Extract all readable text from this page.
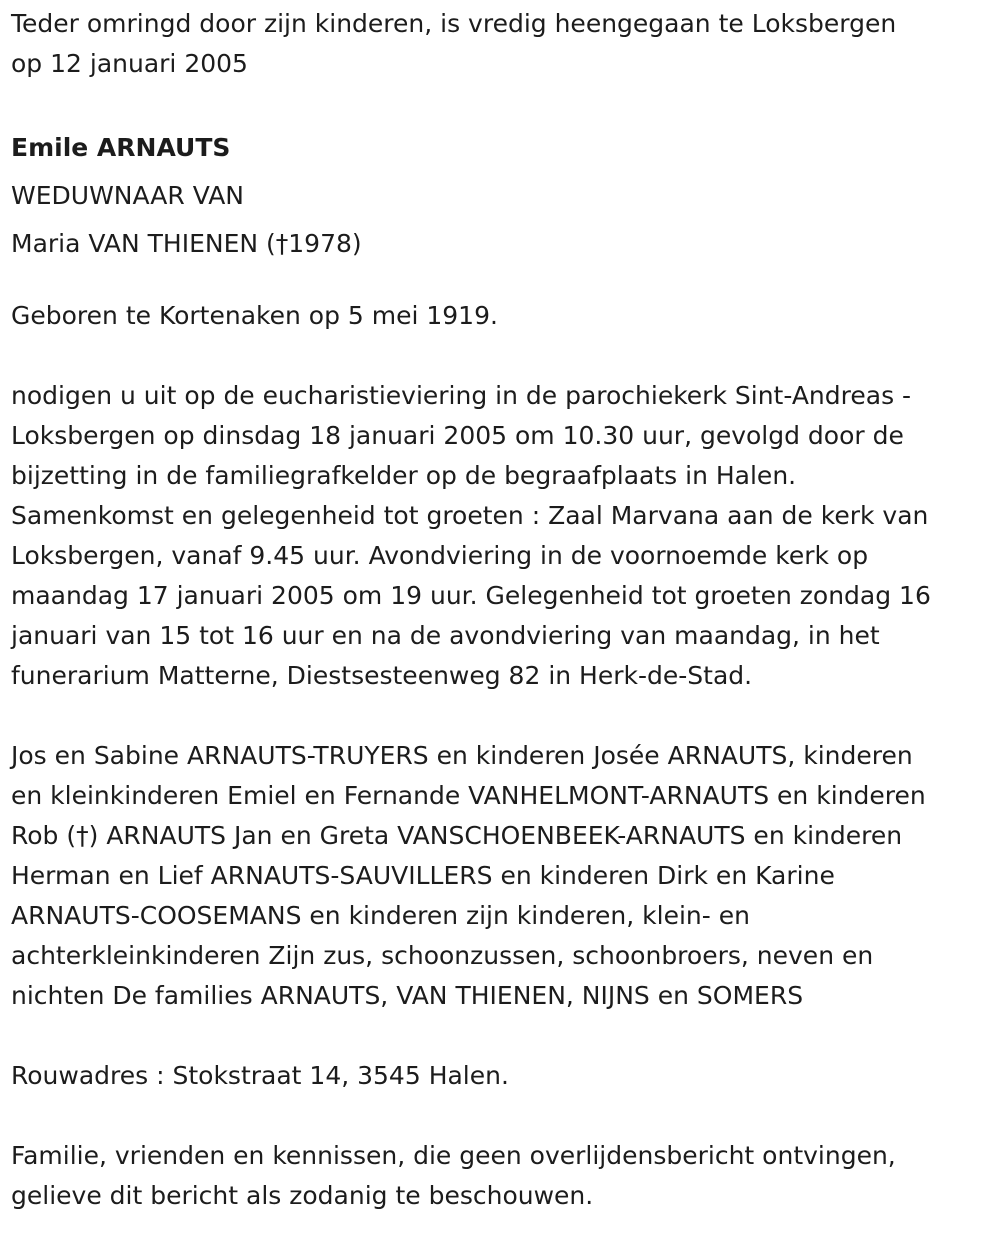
Teder omringd door zijn kinderen, is vredig heengegaan te Loksbergen

op 12 januari 2005

Emile ARNAUTS

WEDUWNAAR VAN

Maria VAN THIENEN (†1978)

Geboren te Kortenaken op 5 mei 1919.

nodigen u uit op de eucharistieviering in de parochiekerk Sint-Andreas -

Loksbergen op dinsdag 18 januari 2005 om 10.30 uur, gevolgd door de

bijzetting in de familiegrafkelder op de begraafplaats in Halen.

Samenkomst en gelegenheid tot groeten : Zaal Marvana aan de kerk van

Loksbergen, vanaf 9.45 uur. Avondviering in de voornoemde kerk op

maandag 17 januari 2005 om 19 uur. Gelegenheid tot groeten zondag 16

januari van 15 tot 16 uur en na de avondviering van maandag, in het

funerarium Matterne, Diestsesteenweg 82 in Herk-de-Stad.

Jos en Sabine ARNAUTS-TRUYERS en kinderen Josée ARNAUTS, kinderen

en kleinkinderen Emiel en Fernande VANHELMONT-ARNAUTS en kinderen

Rob (†) ARNAUTS Jan en Greta VANSCHOENBEEK-ARNAUTS en kinderen

Herman en Lief ARNAUTS-SAUVILLERS en kinderen Dirk en Karine

ARNAUTS-COOSEMANS en kinderen zijn kinderen, klein- en

achterkleinkinderen Zijn zus, schoonzussen, schoonbroers, neven en

nichten De families ARNAUTS, VAN THIENEN, NIJNS en SOMERS

Rouwadres : Stokstraat 14, 3545 Halen.

Familie, vrienden en kennissen, die geen overlijdensbericht ontvingen,

gelieve dit bericht als zodanig te beschouwen.
